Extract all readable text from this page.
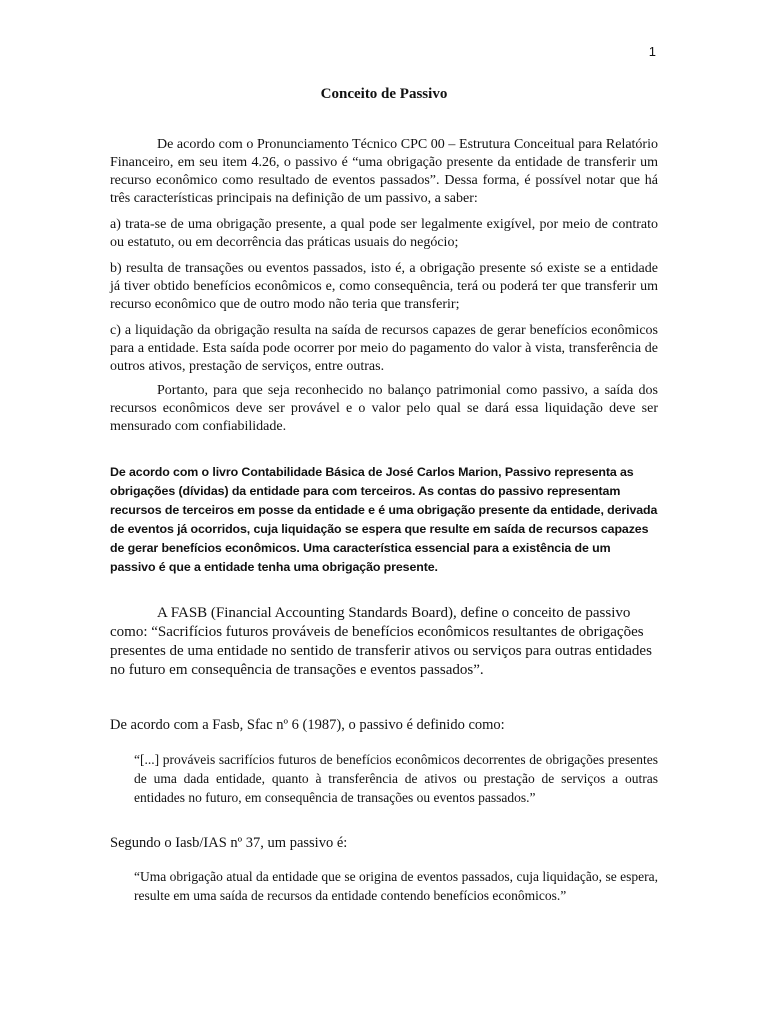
1
Conceito de Passivo

De acordo com o Pronunciamento Técnico CPC 00 – Estrutura Conceitual para Relatório Financeiro, em seu item 4.26, o passivo é “uma obrigação presente da entidade de transferir um recurso econômico como resultado de eventos passados”. Dessa forma, é possível notar que há três características principais na definição de um passivo, a saber:

a) trata-se de uma obrigação presente, a qual pode ser legalmente exigível, por meio de contrato ou estatuto, ou em decorrência das práticas usuais do negócio;

b) resulta de transações ou eventos passados, isto é, a obrigação presente só existe se a entidade já tiver obtido benefícios econômicos e, como consequência, terá ou poderá ter que transferir um recurso econômico que de outro modo não teria que transferir;

c) a liquidação da obrigação resulta na saída de recursos capazes de gerar benefícios econômicos para a entidade. Esta saída pode ocorrer por meio do pagamento do valor à vista, transferência de outros ativos, prestação de serviços, entre outras.

Portanto, para que seja reconhecido no balanço patrimonial como passivo, a saída dos recursos econômicos deve ser provável e o valor pelo qual se dará essa liquidação deve ser mensurado com confiabilidade.

De acordo com o livro Contabilidade Básica de José Carlos Marion, Passivo representa as obrigações (dívidas) da entidade para com terceiros. As contas do passivo representam recursos de terceiros em posse da entidade e é uma obrigação presente da entidade, derivada de eventos já ocorridos, cuja liquidação se espera que resulte em saída de recursos capazes de gerar benefícios econômicos. Uma característica essencial para a existência de um passivo é que a entidade tenha uma obrigação presente.

A FASB (Financial Accounting Standards Board), define o conceito de passivo como: “Sacrifícios futuros prováveis de benefícios econômicos resultantes de obrigações presentes de uma entidade no sentido de transferir ativos ou serviços para outras entidades no futuro em consequência de transações e eventos passados”.

De acordo com a Fasb, Sfac nº 6 (1987), o passivo é definido como:

“[...] prováveis sacrifícios futuros de benefícios econômicos decorrentes de obrigações presentes de uma dada entidade, quanto à transferência de ativos ou prestação de serviços a outras entidades no futuro, em consequência de transações ou eventos passados.”

Segundo o Iasb/IAS nº 37, um passivo é:

“Uma obrigação atual da entidade que se origina de eventos passados, cuja liquidação, se espera, resulte em uma saída de recursos da entidade contendo benefícios econômicos.”
